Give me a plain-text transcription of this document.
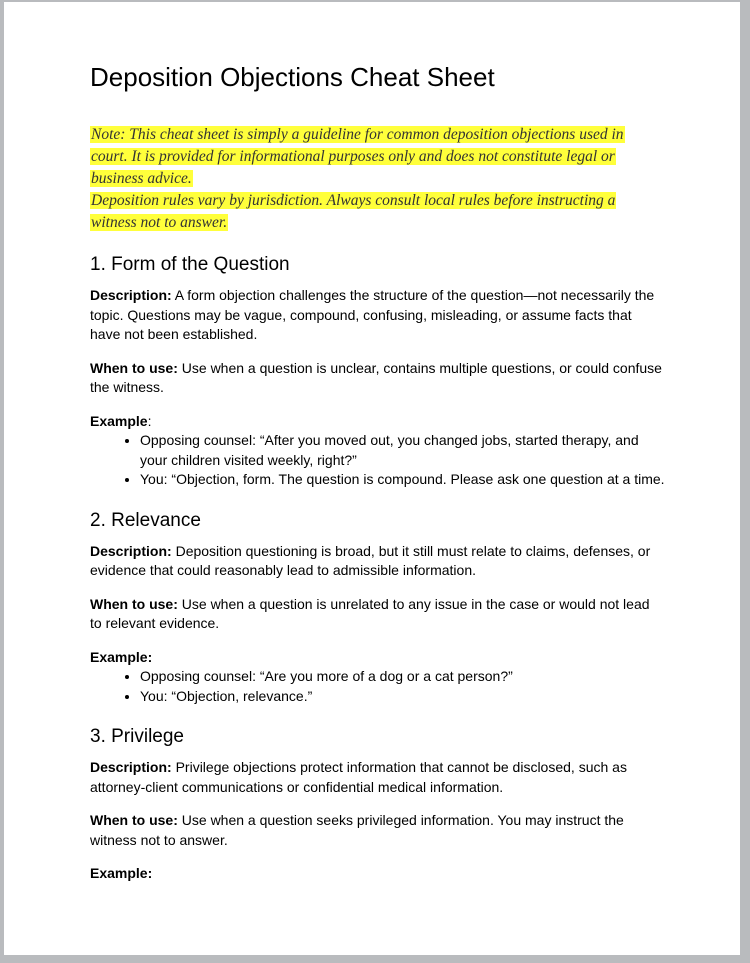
Deposition Objections Cheat Sheet
Note: This cheat sheet is simply a guideline for common deposition objections used in
court. It is provided for informational purposes only and does not constitute legal or
business advice.
Deposition rules vary by jurisdiction. Always consult local rules before instructing a
witness not to answer.
1. Form of the Question

Description: A form objection challenges the structure of the question—not necessarily the topic. Questions may be vague, compound, confusing, misleading, or assume facts that have not been established.

When to use: Use when a question is unclear, contains multiple questions, or could confuse the witness.

Example:

• Opposing counsel: “After you moved out, you changed jobs, started therapy, and your children visited weekly, right?”
• You: “Objection, form. The question is compound. Please ask one question at a time.
2. Relevance

Description: Deposition questioning is broad, but it still must relate to claims, defenses, or evidence that could reasonably lead to admissible information.

When to use: Use when a question is unrelated to any issue in the case or would not lead to relevant evidence.

Example:

• Opposing counsel: “Are you more of a dog or a cat person?”
• You: “Objection, relevance.”
3. Privilege

Description: Privilege objections protect information that cannot be disclosed, such as attorney-client communications or confidential medical information.

When to use: Use when a question seeks privileged information. You may instruct the witness not to answer.

Example:
